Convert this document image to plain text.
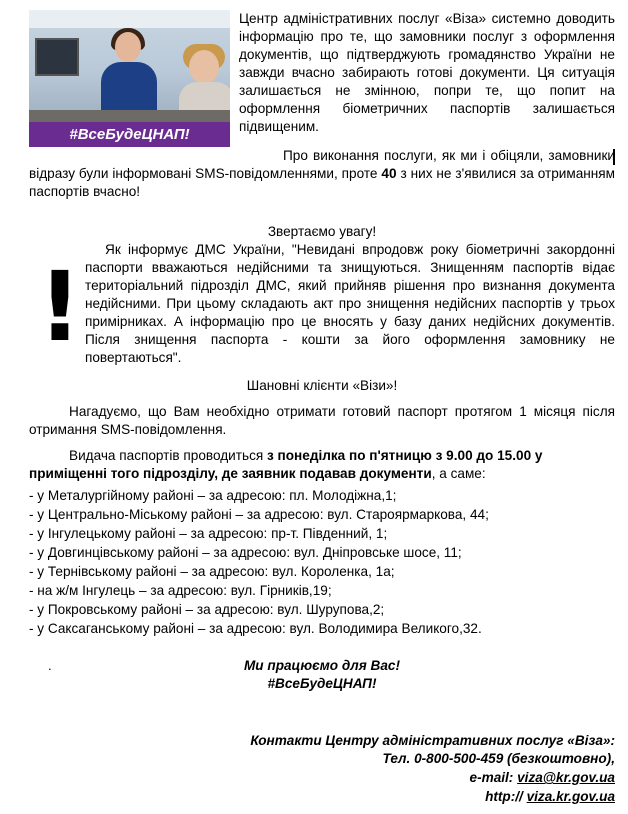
#ВсеБудеЦНАП!
Центр адміністративних послуг «Віза» системно доводить інформацію про те, що замовники послуг з оформлення документів, що підтверджують громадянство України не завжди вчасно забирають готові документи. Ця ситуація залишається не змінною, попри те, що попит на оформлення біометричних паспортів залишається підвищеним.
Про виконання послуги, як ми і обіцяли, замовники відразу були інформовані SMS-повідомленнями, проте 40 з них не з'явилися за отриманням паспортів вчасно!
Звертаємо увагу!
!
Як інформує ДМС України, "Невидані впродовж року біометричні закордонні паспорти вважаються недійсними та знищуються. Знищенням паспортів відає територіальний підрозділ ДМС, який прийняв рішення про визнання документа недійсними. При цьому складають акт про знищення недійсних паспортів у трьох примірниках. А інформацію про це вносять у базу даних недійсних документів. Після знищення паспорта - кошти за його оформлення замовнику не повертаються".
Шановні клієнти «Візи»!
Нагадуємо, що Вам необхідно отримати готовий паспорт протягом 1 місяця після отримання SMS-повідомлення.
Видача паспортів проводиться з понеділка по п'ятницю з 9.00 до 15.00 у приміщенні того підрозділу, де заявник подавав документи, а саме:
- у Металургійному районі – за адресою: пл. Молодіжна,1;
- у Центрально-Міському районі – за адресою: вул. Староярмаркова, 44;
- у Інгулецькому районі – за адресою: пр-т. Південний, 1;
- у Довгинцівському районі – за адресою: вул. Дніпровське шосе, 11;
- у Тернівському районі – за адресою: вул. Короленка, 1а;
- на ж/м Інгулець – за адресою: вул. Гірників,19;
- у Покровському районі – за адресою: вул. Шурупова,2;
- у Саксаганському районі – за адресою: вул. Володимира Великого,32.
.	Ми працюємо для Вас!
#ВсеБудеЦНАП!
Контакти Центру адміністративних послуг «Віза»:
Тел. 0-800-500-459 (безкоштовно),
e-mail: viza@kr.gov.ua
http:// viza.kr.gov.ua
